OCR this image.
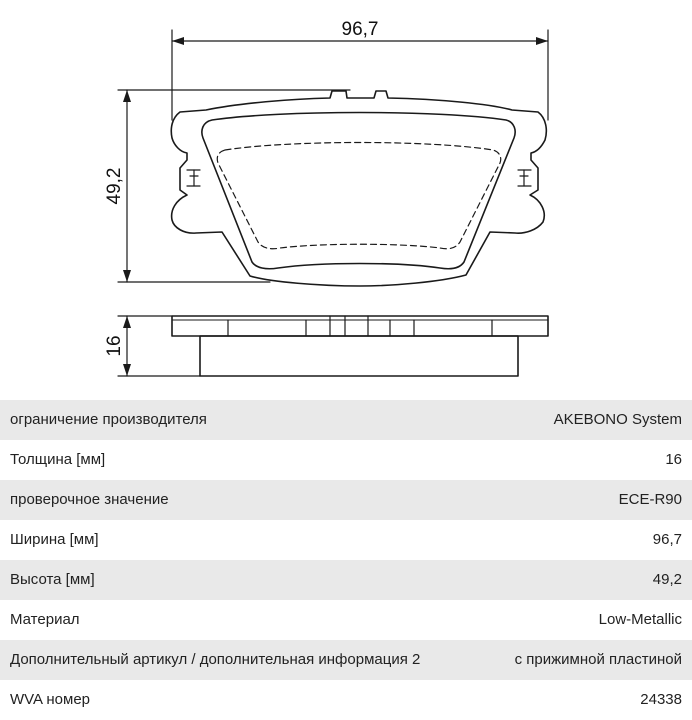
96,7
49,2
16
ограничение производителя	AKEBONO System
Толщина [мм]	16
проверочное значение	ECE-R90
Ширина [мм]	96,7
Высота [мм]	49,2
Материал	Low-Metallic
Дополнительный артикул / дополнительная информация 2	с прижимной пластиной
WVA номер	24338
